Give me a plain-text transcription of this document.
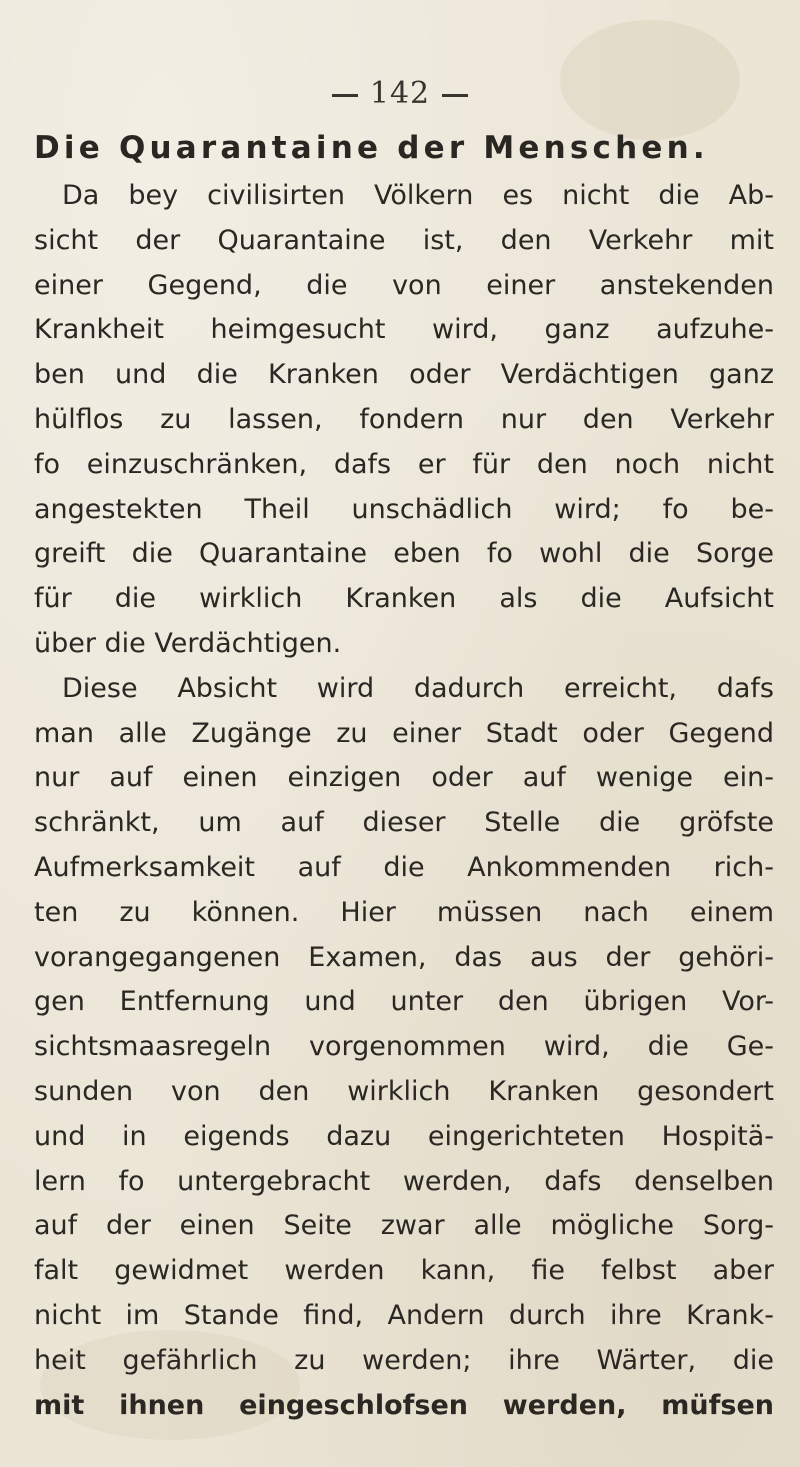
142
Die Quarantaine der Menschen.
Da bey civilisirten Völkern es nicht die Ab-
sicht der Quarantaine ist, den Verkehr mit
einer Gegend, die von einer anstekenden
Krankheit heimgesucht wird, ganz aufzuhe-
ben und die Kranken oder Verdächtigen ganz
hülflos zu lassen, fondern nur den Verkehr
fo einzuschränken, dafs er für den noch nicht
angestekten Theil unschädlich wird; fo be-
greift die Quarantaine eben fo wohl die Sorge
für die wirklich Kranken als die Aufsicht
über die Verdächtigen.
Diese Absicht wird dadurch erreicht, dafs
man alle Zugänge zu einer Stadt oder Gegend
nur auf einen einzigen oder auf wenige ein-
schränkt, um auf dieser Stelle die gröfste
Aufmerksamkeit auf die Ankommenden rich-
ten zu können. Hier müssen nach einem
vorangegangenen Examen, das aus der gehöri-
gen Entfernung und unter den übrigen Vor-
sichtsmaasregeln vorgenommen wird, die Ge-
sunden von den wirklich Kranken gesondert
und in eigends dazu eingerichteten Hospitä-
lern fo untergebracht werden, dafs denselben
auf der einen Seite zwar alle mögliche Sorg-
falt gewidmet werden kann, fie felbst aber
nicht im Stande find, Andern durch ihre Krank-
heit gefährlich zu werden; ihre Wärter, die
mit ihnen eingeschlofsen werden, müfsen
